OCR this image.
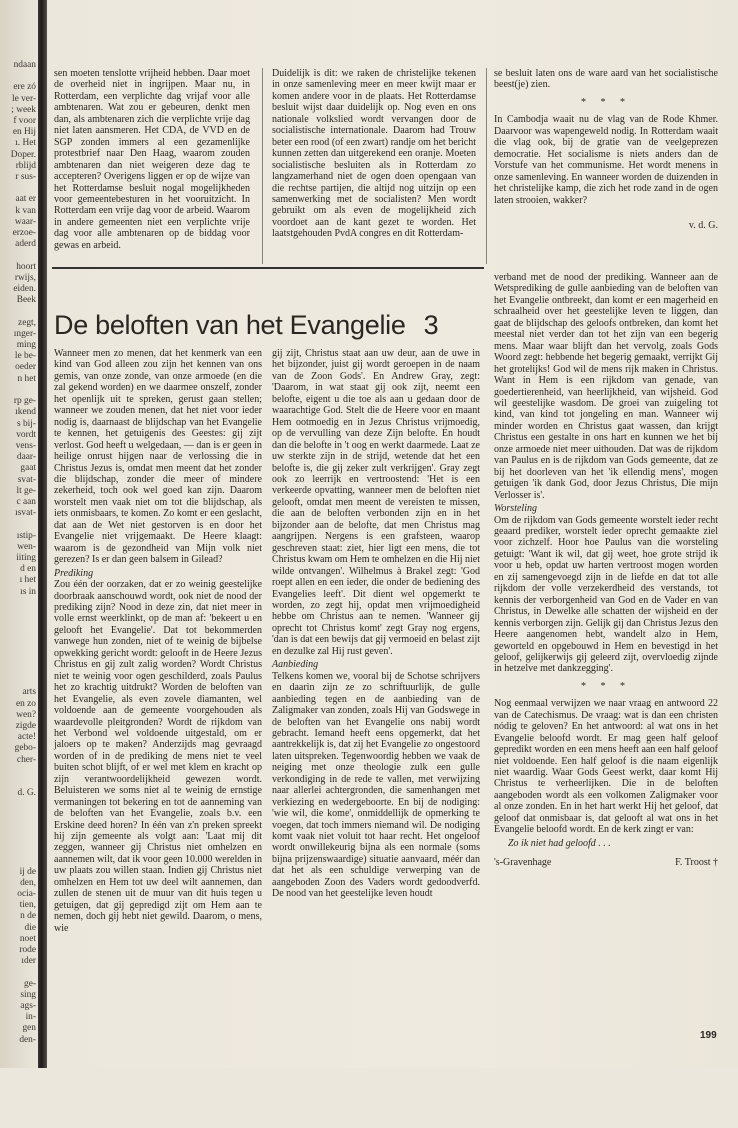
ndaan

ere zó
le ver-
; week
f voor
en Hij
ı. Het
Doper.
rblijd
r sus-

aat er
k van
waar-
erzoe-
aderd

hoort
rwijs,
eiden.
Beek

zegt,
ınger-
ming
le be-
oeder
n het

rp ge-
ıkend
s bij-
vordt
vens-
daar-
gaat
svat-
lt ge-
c aan
ısvat-

ıstip-
wen-
iiting
d en
ı het
ıs in

arts
en zo
wen?
zigde
acte!
gebo-
cher-

d. G.

ij de
den,
ocia-
tien,
n de
die
noet
rode
ıder

ge-
sing
ags-
in-
gen
den-

sen moeten tenslotte vrijheid hebben. Daar moet de overheid niet in ingrijpen. Maar nu, in Rotterdam, een verplichte dag vrijaf voor alle ambtenaren. Wat zou er gebeuren, denkt men dan, als ambtenaren zich die verplichte vrije dag niet laten aansmeren. Het CDA, de VVD en de SGP zonden immers al een gezamenlijke protestbrief naar Den Haag, waarom zouden ambtenaren dan niet weigeren deze dag te accepteren? Overigens liggen er op de wijze van het Rotterdamse besluit nogal mogelijkheden voor gemeentebesturen in het vooruitzicht. In Rotterdam een vrije dag voor de arbeid. Waarom in andere gemeenten niet een verplichte vrije dag voor alle ambtenaren op de biddag voor gewas en arbeid.

Duidelijk is dit: we raken de christelijke tekenen in onze samenleving meer en meer kwijt maar er komen andere voor in de plaats. Het Rotterdamse besluit wijst daar duidelijk op. Nog even en ons nationale volkslied wordt vervangen door de socialistische internationale. Daarom had Trouw beter een rood (of een zwart) randje om het bericht kunnen zetten dan uitgerekend een oranje. Moeten socialistische besluiten als in Rotterdam zo langzamerhand niet de ogen doen opengaan van die rechtse partijen, die altijd nog uitzijn op een samenwerking met de socialisten? Men wordt gebruikt om als even de mogelijkheid zich voordoet aan de kant gezet te worden. Het laatstgehouden PvdA congres en dit Rotterdam-

se besluit laten ons de ware aard van het socialistische beest(je) zien.

* * *

In Cambodja waait nu de vlag van de Rode Khmer. Daarvoor was wapengeweld nodig. In Rotterdam waait die vlag ook, bij de gratie van de veelgeprezen democratie. Het socialisme is niets anders dan de Vorstufe van het communisme. Het wordt menens in onze samenleving. En wanneer worden de duizenden in het christelijke kamp, die zich het rode zand in de ogen laten strooien, wakker?

v. d. G.

De beloften van het Evangelie 3

Wanneer men zo menen, dat het kenmerk van een kind van God alleen zou zijn het kennen van ons gemis, van onze zonde, van onze armoede (en die zal gekend worden) en we daarmee onszelf, zonder het openlijk uit te spreken, gerust gaan stellen; wanneer we zouden menen, dat het niet voor ieder nodig is, daarnaast de blijdschap van het Evangelie te kennen, het getuigenis des Geestes: gij zijt verlost. God heeft u welgedaan, — dan is er geen in heilige onrust hijgen naar de verlossing die in Christus Jezus is, omdat men meent dat het zonder die blijdschap, zonder die meer of mindere zekerheid, toch ook wel goed kan zijn. Daarom worstelt men vaak niet om tot die blijdschap, als iets onmisbaars, te komen. Zo komt er een geslacht, dat aan de Wet niet gestorven is en door het Evangelie niet vrijgemaakt. De Heere klaagt: waarom is de gezondheid van Mijn volk niet gerezen? Is er dan geen balsem in Gilead?

Prediking

Zou één der oorzaken, dat er zo weinig geestelijke doorbraak aanschouwd wordt, ook niet de nood der prediking zijn? Nood in deze zin, dat niet meer in volle ernst weerklinkt, op de man af: 'bekeert u en gelooft het Evangelie'. Dat tot bekommerden vanwege hun zonden, niet of te weinig de bijbelse opwekking gericht wordt: gelooft in de Heere Jezus Christus en gij zult zalig worden? Wordt Christus niet te weinig voor ogen geschilderd, zoals Paulus het zo krachtig uitdrukt? Worden de beloften van het Evangelie, als even zovele diamanten, wel voldoende aan de gemeente voorgehouden als waardevolle pleitgronden? Wordt de rijkdom van het Verbond wel voldoende uitgestald, om er jaloers op te maken? Anderzijds mag gevraagd worden of in de prediking de mens niet te veel buiten schot blijft, of er wel met klem en kracht op zijn verantwoordelijkheid gewezen wordt. Beluisteren we soms niet al te weinig de ernstige vermaningen tot bekering en tot de aanneming van de beloften van het Evangelie, zoals b.v. een Erskine deed horen? In één van z'n preken spreekt hij zijn gemeente als volgt aan: 'Laat mij dit zeggen, wanneer gij Christus niet omhelzen en aannemen wilt, dat ik voor geen 10.000 werelden in uw plaats zou willen staan. Indien gij Christus niet omhelzen en Hem tot uw deel wilt aannemen, dan zullen de stenen uit de muur van dit huis tegen u getuigen, dat gij gepredigd zijt om Hem aan te nemen, doch gij hebt niet gewild. Daarom, o mens, wie

gij zijt, Christus staat aan uw deur, aan de uwe in het bijzonder, juist gij wordt geroepen in de naam van de Zoon Gods'. En Andrew Gray, zegt: 'Daarom, in wat staat gij ook zijt, neemt een belofte, eigent u die toe als aan u gedaan door de waarachtige God. Stelt die de Heere voor en maant Hem ootmoedig en in Jezus Christus vrijmoedig, op de vervulling van deze Zijn belofte. En houdt dan die belofte in 't oog en werkt daarmede. Laat ze uw sterkte zijn in de strijd, wetende dat het een belofte is, die gij zeker zult verkrijgen'. Gray zegt ook zo leerrijk en vertroostend: 'Het is een verkeerde opvatting, wanneer men de beloften niet gelooft, omdat men meent de vereisten te missen, die aan de beloften verbonden zijn en in het bijzonder aan de belofte, dat men Christus mag aangrijpen. Nergens is een grafsteen, waarop geschreven staat: ziet, hier ligt een mens, die tot Christus kwam om Hem te omhelzen en die Hij niet wilde ontvangen'. Wilhelmus à Brakel zegt: 'God roept allen en een ieder, die onder de bediening des Evangelies leeft'. Dit dient wel opgemerkt te worden, zo zegt hij, opdat men vrijmoedigheid hebbe om Christus aan te nemen. 'Wanneer gij oprecht tot Christus komt' zegt Gray nog ergens, 'dan is dat een bewijs dat gij vermoeid en belast zijt en dezulke zal Hij rust geven'.

Aanbieding

Telkens komen we, vooral bij de Schotse schrijvers en daarin zijn ze zo schriftuurlijk, de gulle aanbieding tegen en de aanbieding van de Zaligmaker van zonden, zoals Hij van Godswege in de beloften van het Evangelie ons nabij wordt gebracht. Iemand heeft eens opgemerkt, dat het aantrekkelijk is, dat zij het Evangelie zo ongestoord laten uitspreken. Tegenwoordig hebben we vaak de neiging met onze theologie zulk een gulle verkondiging in de rede te vallen, met verwijzing naar allerlei achtergronden, die samenhangen met verkiezing en wedergeboorte. En bij de nodiging: 'wie wil, die kome', onmiddellijk de opmerking te voegen, dat toch immers niemand wil. De nodiging komt vaak niet voluit tot haar recht. Het ongeloof wordt onwillekeurig bijna als een normale (soms bijna prijzenswaardige) situatie aanvaard, méér dan dat het als een schuldige verwerping van de aangeboden Zoon des Vaders wordt gedoodverfd. De nood van het geestelijke leven houdt

verband met de nood der prediking. Wanneer aan de Wetsprediking de gulle aanbieding van de beloften van het Evangelie ontbreekt, dan komt er een magerheid en schraalheid over het geestelijke leven te liggen, dan gaat de blijdschap des geloofs ontbreken, dan komt het meestal niet verder dan tot het zijn van een begerig mens. Maar waar blijft dan het vervolg, zoals Gods Woord zegt: hebbende het begerig gemaakt, verrijkt Gij het grotelijks! God wil de mens rijk maken in Christus. Want in Hem is een rijkdom van genade, van goedertierenheid, van heerlijkheid, van wijsheid. God wil geestelijke wasdom. De groei van zuigeling tot kind, van kind tot jongeling en man. Wanneer wij minder worden en Christus gaat wassen, dan krijgt Christus een gestalte in ons hart en kunnen we het bij onze armoede niet meer uithouden. Dat was de rijkdom van Paulus en is de rijkdom van Gods gemeente, dat ze bij het doorleven van het 'ik ellendig mens', mogen getuigen 'ik dank God, door Jezus Christus, Die mijn Verlosser is'.

Worsteling

Om de rijkdom van Gods gemeente worstelt ieder recht geaard prediker, worstelt ieder oprecht gemaakte ziel voor zichzelf. Hoor hoe Paulus van die worsteling getuigt: 'Want ik wil, dat gij weet, hoe grote strijd ik voor u heb, opdat uw harten vertroost mogen worden en zij samengevoegd zijn in de liefde en dat tot alle rijkdom der volle verzekerdheid des verstands, tot kennis der verborgenheid van God en de Vader en van Christus, in Dewelke alle schatten der wijsheid en der kennis verborgen zijn. Gelijk gij dan Christus Jezus den Heere aangenomen hebt, wandelt alzo in Hem, geworteld en opgebouwd in Hem en bevestigd in het geloof, gelijkerwijs gij geleerd zijt, overvloedig zijnde in hetzelve met dankzegging'.

* * *

Nog eenmaal verwijzen we naar vraag en antwoord 22 van de Catechismus. De vraag: wat is dan een christen nódig te geloven? En het antwoord: al wat ons in het Evangelie beloofd wordt. Er mag geen half geloof gepredikt worden en een mens heeft aan een half geloof niet voldoende. Een half geloof is die naam eigenlijk niet waardig. Waar Gods Geest werkt, daar komt Hij Christus te verheerlijken. Die in de beloften aangeboden wordt als een volkomen Zaligmaker voor al onze zonden. En in het hart werkt Hij het geloof, dat geloof dat onmisbaar is, dat gelooft al wat ons in het Evangelie beloofd wordt. En de kerk zingt er van:

Zo ik niet had geloofd . . .

's-Gravenhage	F. Troost †
199
